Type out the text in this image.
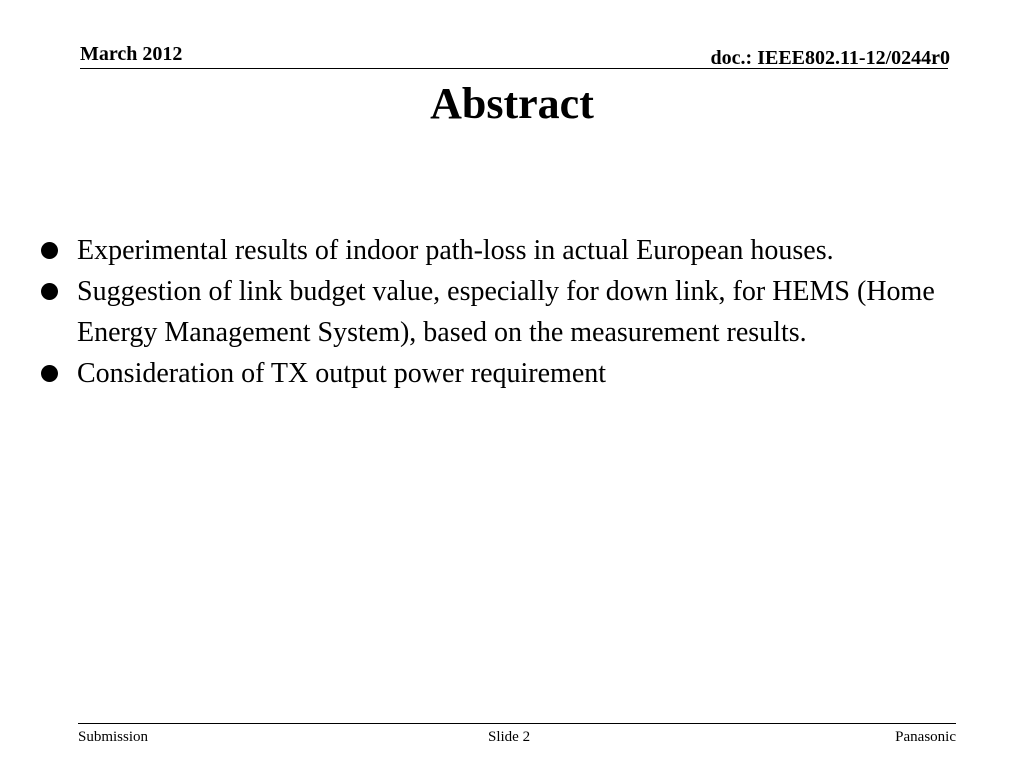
March 2012	doc.: IEEE802.11-12/0244r0
Abstract
Experimental results of indoor path-loss in actual European houses.
Suggestion of link budget value, especially for down link, for HEMS (Home Energy Management System), based on the measurement results.
Consideration of TX output power requirement
Submission	Slide 2	Panasonic
